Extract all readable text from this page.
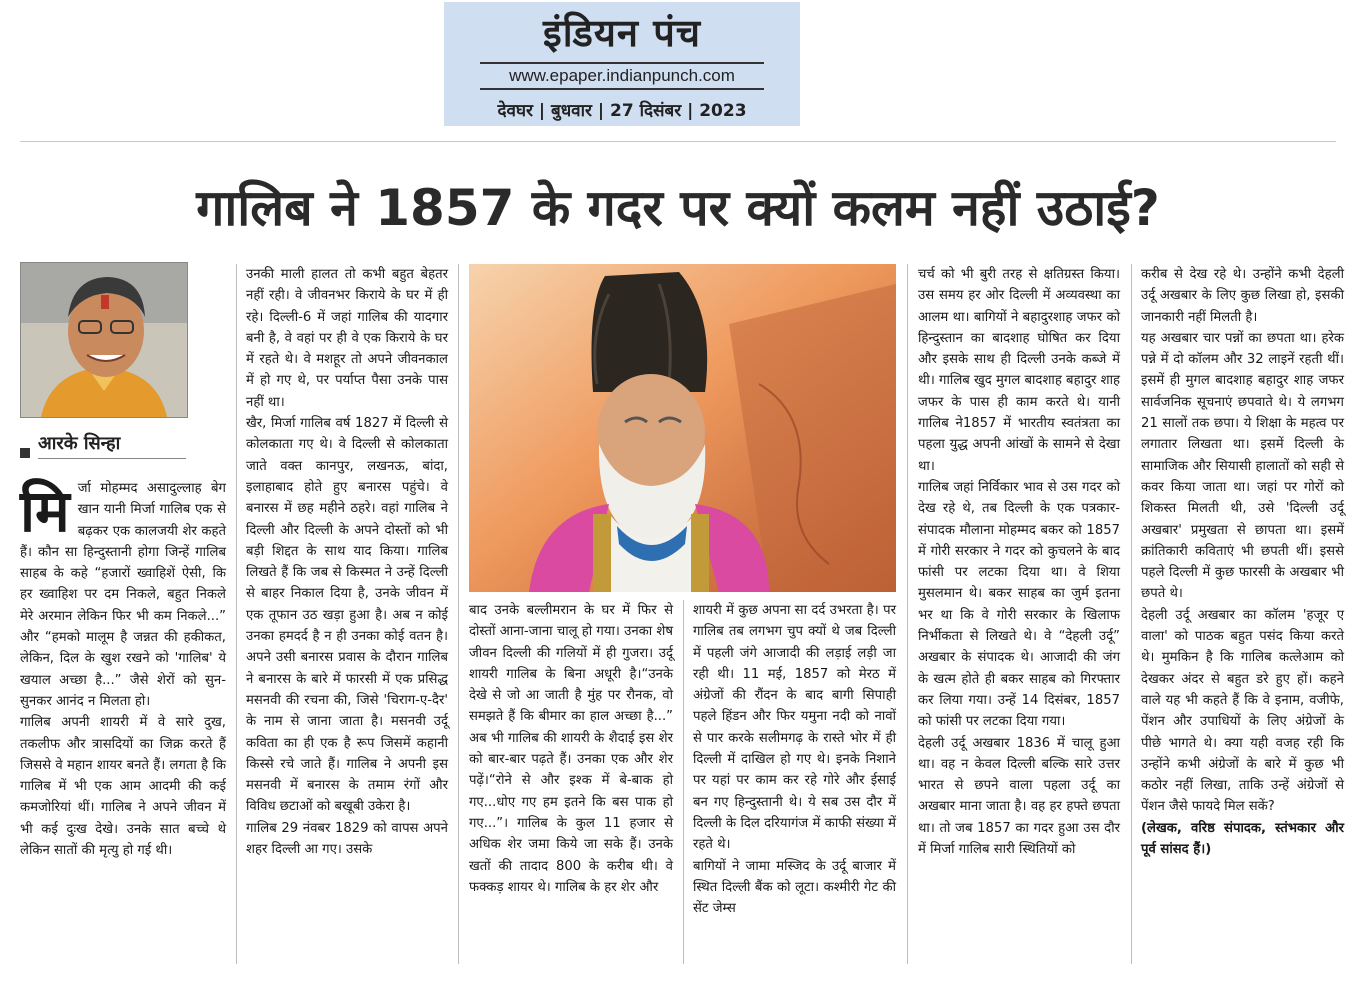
इंडियन पंच
www.epaper.indianpunch.com
देवघर | बुधवार | 27 दिसंबर | 2023
गालिब ने 1857 के गदर पर क्यों कलम नहीं उठाई?
आरके सिन्हा
मि र्जा मोहम्मद असादुल्लाह बेग खान यानी मिर्जा गालिब एक से बढ़कर एक कालजयी शेर कहते हैं। कौन सा हिन्दुस्तानी होगा जिन्हें गालिब साहब के कहे “हजारों ख्वाहिशें ऐसी, कि हर ख्वाहिश पर दम निकले, बहुत निकले मेरे अरमान लेकिन फिर भी कम निकले...” और “हमको मालूम है जन्नत की हकीकत, लेकिन, दिल के खुश रखने को 'गालिब' ये खयाल अच्छा है...” जैसे शेरों को सुन-सुनकर आनंद न मिलता हो।

गालिब अपनी शायरी में वे सारे दुख, तकलीफ और त्रासदियों का जिक्र करते हैं जिससे वे महान शायर बनते हैं। लगता है कि गालिब में भी एक आम आदमी की कई कमजोरियां थीं। गालिब ने अपने जीवन में भी कई दुःख देखे। उनके सात बच्चे थे लेकिन सातों की मृत्यु हो गई थी।

उनकी माली हालत तो कभी बहुत बेहतर नहीं रही। वे जीवनभर किराये के घर में ही रहे। दिल्ली-6 में जहां गालिब की यादगार बनी है, वे वहां पर ही वे एक किराये के घर में रहते थे। वे मशहूर तो अपने जीवनकाल में हो गए थे, पर पर्याप्त पैसा उनके पास नहीं था।

खैर, मिर्जा गालिब वर्ष 1827 में दिल्ली से कोलकाता गए थे। वे दिल्ली से कोलकाता जाते वक्त कानपुर, लखनऊ, बांदा, इलाहाबाद होते हुए बनारस पहुंचे। वे बनारस में छह महीने ठहरे। वहां गालिब ने दिल्ली और दिल्ली के अपने दोस्तों को भी बड़ी शिद्दत के साथ याद किया। गालिब लिखते हैं कि जब से किस्मत ने उन्हें दिल्ली से बाहर निकाल दिया है, उनके जीवन में एक तूफान उठ खड़ा हुआ है। अब न कोई उनका हमदर्द है न ही उनका कोई वतन है। अपने उसी बनारस प्रवास के दौरान गालिब ने बनारस के बारे में फारसी में एक प्रसिद्ध मसनवी की रचना की, जिसे 'चिराग-ए-दैर' के नाम से जाना जाता है। मसनवी उर्दू कविता का ही एक है रूप जिसमें कहानी किस्से रचे जाते हैं। गालिब ने अपनी इस मसनवी में बनारस के तमाम रंगों और विविध छटाओं को बखूबी उकेरा है।

गालिब 29 नंवबर 1829 को वापस अपने शहर दिल्ली आ गए। उसके

बाद उनके बल्लीमरान के घर में फिर से दोस्तों आना-जाना चालू हो गया। उनका शेष जीवन दिल्ली की गलियों में ही गुजरा। उर्दू शायरी गालिब के बिना अधूरी है।“उनके देखे से जो आ जाती है मुंह पर रौनक, वो समझते हैं कि बीमार का हाल अच्छा है...” अब भी गालिब की शायरी के शैदाई इस शेर को बार-बार पढ़ते हैं। उनका एक और शेर पढ़ें।“रोने से और इश्क में बे-बाक हो गए...धोए गए हम इतने कि बस पाक हो गए...”। गालिब के कुल 11 हजार से अधिक शेर जमा किये जा सके हैं। उनके खतों की तादाद 800 के करीब थी। वे फक्कड़ शायर थे। गालिब के हर शेर और

शायरी में कुछ अपना सा दर्द उभरता है। पर गालिब तब लगभग चुप क्यों थे जब दिल्ली में पहली जंगे आजादी की लड़ाई लड़ी जा रही थी। 11 मई, 1857 को मेरठ में अंग्रेजों की रौंदन के बाद बागी सिपाही पहले हिंडन और फिर यमुना नदी को नावों से पार करके सलीमगढ़ के रास्ते भोर में ही दिल्ली में दाखिल हो गए थे। इनके निशाने पर यहां पर काम कर रहे गोरे और ईसाई बन गए हिन्दुस्तानी थे। ये सब उस दौर में दिल्ली के दिल दरियागंज में काफी संख्या में रहते थे।

बागियों ने जामा मस्जिद के उर्दू बाजार में स्थित दिल्ली बैंक को लूटा। कश्मीरी गेट की सेंट जेम्स

चर्च को भी बुरी तरह से क्षतिग्रस्त किया। उस समय हर ओर दिल्ली में अव्यवस्था का आलम था। बागियों ने बहादुरशाह जफर को हिन्दुस्तान का बादशाह घोषित कर दिया और इसके साथ ही दिल्ली उनके कब्जे में थी। गालिब खुद मुगल बादशाह बहादुर शाह जफर के पास ही काम करते थे। यानी गालिब ने1857 में भारतीय स्वतंत्रता का पहला युद्ध अपनी आंखों के सामने से देखा था।

गालिब जहां निर्विकार भाव से उस गदर को देख रहे थे, तब दिल्ली के एक पत्रकार-संपादक मौलाना मोहम्मद बकर को 1857 में गोरी सरकार ने गदर को कुचलने के बाद फांसी पर लटका दिया था। वे शिया मुसलमान थे। बकर साहब का जुर्म इतना भर था कि वे गोरी सरकार के खिलाफ निर्भीकता से लिखते थे। वे “देहली उर्दू” अखबार के संपादक थे। आजादी की जंग के खत्म होते ही बकर साहब को गिरफ्तार कर लिया गया। उन्हें 14 दिसंबर, 1857 को फांसी पर लटका दिया गया।

देहली उर्दू अखबार 1836 में चालू हुआ था। वह न केवल दिल्ली बल्कि सारे उत्तर भारत से छपने वाला पहला उर्दू का अखबार माना जाता है। वह हर हफ्ते छपता था। तो जब 1857 का गदर हुआ उस दौर में मिर्जा गालिब सारी स्थितियों को

करीब से देख रहे थे। उन्होंने कभी देहली उर्दू अखबार के लिए कुछ लिखा हो, इसकी जानकारी नहीं मिलती है।

यह अखबार चार पन्नों का छपता था। हरेक पन्ने में दो कॉलम और 32 लाइनें रहती थीं। इसमें ही मुगल बादशाह बहादुर शाह जफर सार्वजनिक सूचनाएं छपवाते थे। ये लगभग 21 सालों तक छपा। ये शिक्षा के महत्व पर लगातार लिखता था। इसमें दिल्ली के सामाजिक और सियासी हालातों को सही से कवर किया जाता था। जहां पर गोरों को शिकस्त मिलती थी, उसे 'दिल्ली उर्दू अखबार' प्रमुखता से छापता था। इसमें क्रांतिकारी कविताएं भी छपती थीं। इससे पहले दिल्ली में कुछ फारसी के अखबार भी छपते थे।

देहली उर्दू अखबार का कॉलम 'हजूर ए वाला' को पाठक बहुत पसंद किया करते थे। मुमकिन है कि गालिब कत्लेआम को देखकर अंदर से बहुत डरे हुए हों। कहने वाले यह भी कहते हैं कि वे इनाम, वजीफे, पेंशन और उपाधियों के लिए अंग्रेजों के पीछे भागते थे। क्या यही वजह रही कि उन्होंने कभी अंग्रेजों के बारे में कुछ भी कठोर नहीं लिखा, ताकि उन्हें अंग्रेजों से पेंशन जैसे फायदे मिल सकें?

(लेखक, वरिष्ठ संपादक, स्तंभकार और पूर्व सांसद हैं।)
